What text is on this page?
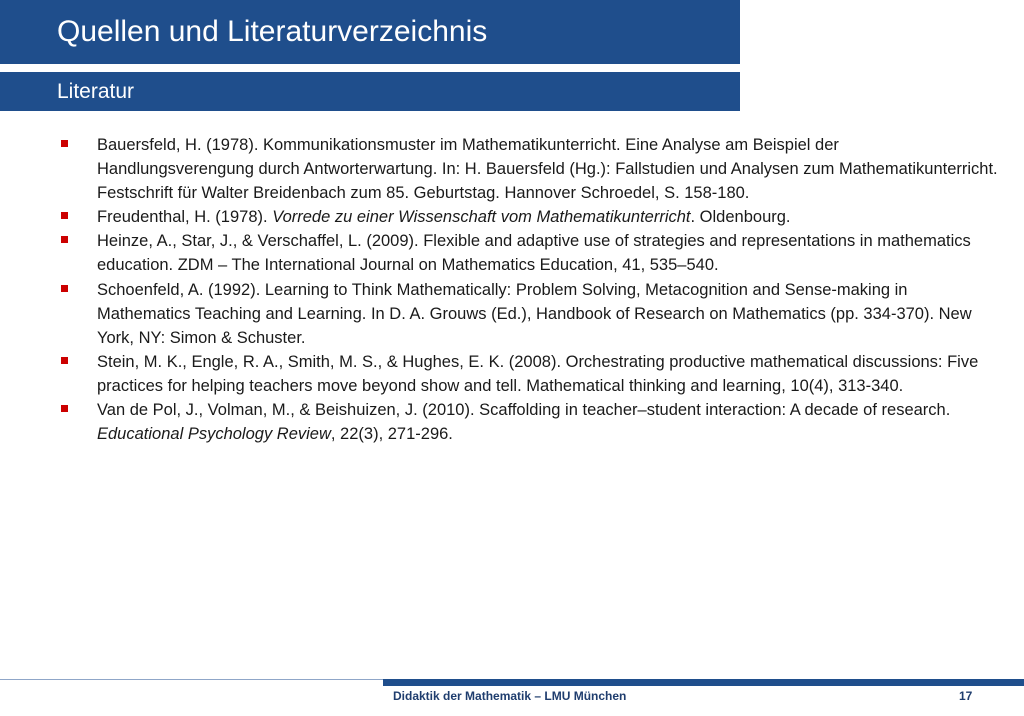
Quellen und Literaturverzeichnis
Literatur
Bauersfeld, H. (1978). Kommunikationsmuster im Mathematikunterricht. Eine Analyse am Beispiel der Handlungsverengung durch Antworterwartung. In: H. Bauersfeld (Hg.): Fallstudien und Analysen zum Mathematikunterricht. Festschrift für Walter Breidenbach zum 85. Geburtstag. Hannover Schroedel, S. 158-180.
Freudenthal, H. (1978). Vorrede zu einer Wissenschaft vom Mathematikunterricht. Oldenbourg.
Heinze, A., Star, J., & Verschaffel, L. (2009). Flexible and adaptive use of strategies and representations in mathematics education. ZDM – The International Journal on Mathematics Education, 41, 535–540.
Schoenfeld, A. (1992). Learning to Think Mathematically: Problem Solving, Metacognition and Sense-making in Mathematics Teaching and Learning. In D. A. Grouws (Ed.), Handbook of Research on Mathematics (pp. 334-370). New York, NY: Simon & Schuster.
Stein, M. K., Engle, R. A., Smith, M. S., & Hughes, E. K. (2008). Orchestrating productive mathematical discussions: Five practices for helping teachers move beyond show and tell. Mathematical thinking and learning, 10(4), 313-340.
Van de Pol, J., Volman, M., & Beishuizen, J. (2010). Scaffolding in teacher–student interaction: A decade of research. Educational Psychology Review, 22(3), 271-296.
Didaktik der Mathematik – LMU München	17
